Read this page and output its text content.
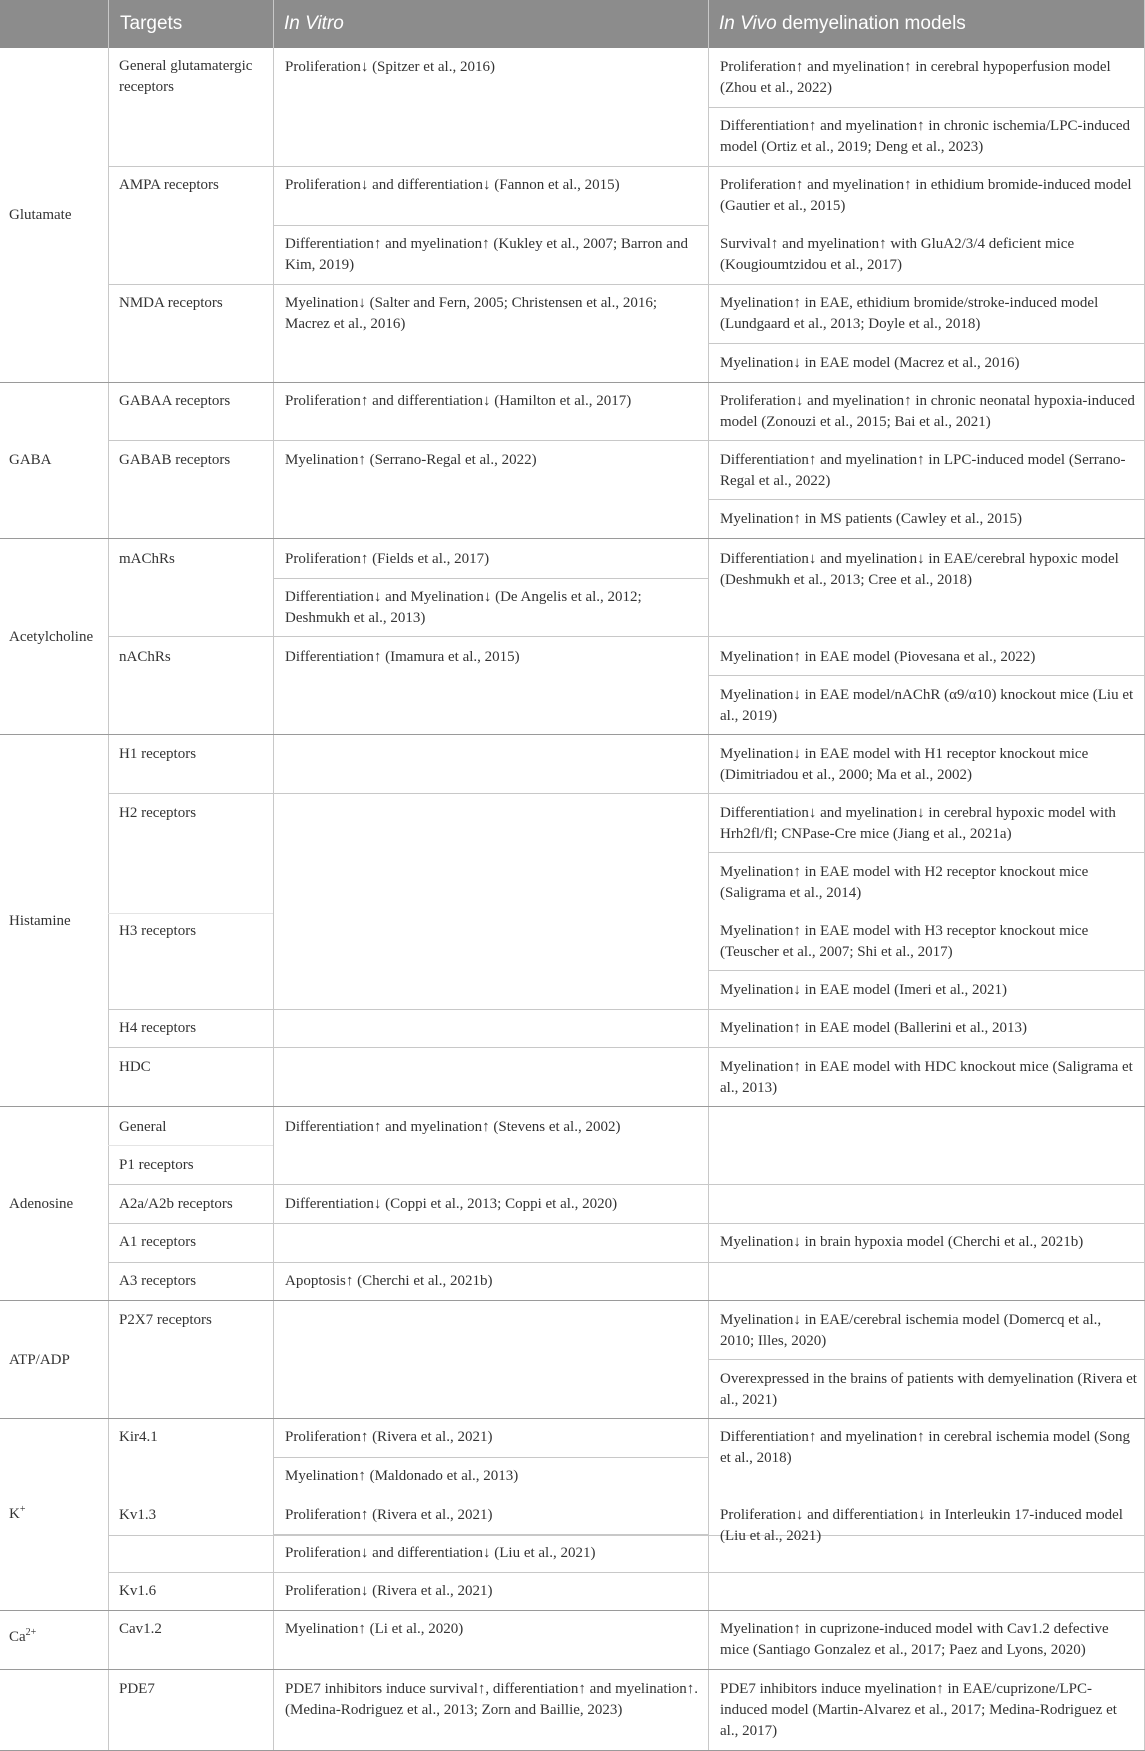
Targets	In Vitro	In Vivo demyelination models
Glutamate
GABA
Acetylcholine
Histamine
Adenosine
ATP/ADP
K+
$Ca^{2+}$
General glutamatergic receptors
AMPA receptors
NMDA receptors
GABAA receptors
GABAB receptors
mAChRs
nAChRs
H1 receptors
H2 receptors
H3 receptors
H4 receptors
HDC
General
P1 receptors
A2a/A2b receptors
A1 receptors
A3 receptors
P2X7 receptors
Kir4.1
Kv1.3
Kv1.6
Cav1.2
PDE7
Proliferation↓ (Spitzer et al., 2016)
Proliferation↓ and differentiation↓ (Fannon et al., 2015)
Differentiation↑ and myelination↑ (Kukley et al., 2007; Barron and Kim, 2019)
Myelination↓ (Salter and Fern, 2005; Christensen et al., 2016; Macrez et al., 2016)
Proliferation↑ and differentiation↓ (Hamilton et al., 2017)
Myelination↑ (Serrano-Regal et al., 2022)
Proliferation↑ (Fields et al., 2017)
Differentiation↓ and Myelination↓ (De Angelis et al., 2012; Deshmukh et al., 2013)
Differentiation↑ (Imamura et al., 2015)
Differentiation↑ and myelination↑ (Stevens et al., 2002)
Differentiation↓ (Coppi et al., 2013; Coppi et al., 2020)
Apoptosis↑ (Cherchi et al., 2021b)
Proliferation↑ (Rivera et al., 2021)
Myelination↑ (Maldonado et al., 2013)
Proliferation↑ (Rivera et al., 2021)
Proliferation↓ and differentiation↓ (Liu et al., 2021)
Proliferation↓ (Rivera et al., 2021)
Myelination↑ (Li et al., 2020)
PDE7 inhibitors induce survival↑, differentiation↑ and myelination↑. (Medina-Rodriguez et al., 2013; Zorn and Baillie, 2023)
Proliferation↑ and myelination↑ in cerebral hypoperfusion model (Zhou et al., 2022)
Differentiation↑ and myelination↑ in chronic ischemia/LPC-induced model (Ortiz et al., 2019; Deng et al., 2023)
Proliferation↑ and myelination↑ in ethidium bromide-induced model (Gautier et al., 2015)
Survival↑ and myelination↑ with GluA2/3/4 deficient mice (Kougioumtzidou et al., 2017)
Myelination↑ in EAE, ethidium bromide/stroke-induced model (Lundgaard et al., 2013; Doyle et al., 2018)
Myelination↓ in EAE model (Macrez et al., 2016)
Proliferation↓ and myelination↑ in chronic neonatal hypoxia-induced model (Zonouzi et al., 2015; Bai et al., 2021)
Differentiation↑ and myelination↑ in LPC-induced model (Serrano-Regal et al., 2022)
Myelination↑ in MS patients (Cawley et al., 2015)
Differentiation↓ and myelination↓ in EAE/cerebral hypoxic model (Deshmukh et al., 2013; Cree et al., 2018)
Myelination↑ in EAE model (Piovesana et al., 2022)
Myelination↓ in EAE model/nAChR (α9/α10) knockout mice (Liu et al., 2019)
Myelination↓ in EAE model with H1 receptor knockout mice (Dimitriadou et al., 2000; Ma et al., 2002)
Differentiation↓ and myelination↓ in cerebral hypoxic model with Hrh2fl/fl; CNPase-Cre mice (Jiang et al., 2021a)
Myelination↑ in EAE model with H2 receptor knockout mice (Saligrama et al., 2014)
Myelination↑ in EAE model with H3 receptor knockout mice (Teuscher et al., 2007; Shi et al., 2017)
Myelination↓ in EAE model (Imeri et al., 2021)
Myelination↑ in EAE model (Ballerini et al., 2013)
Myelination↑ in EAE model with HDC knockout mice (Saligrama et al., 2013)
Myelination↓ in brain hypoxia model (Cherchi et al., 2021b)
Myelination↓ in EAE/cerebral ischemia model (Domercq et al., 2010; Illes, 2020)
Overexpressed in the brains of patients with demyelination (Rivera et al., 2021)
Differentiation↑ and myelination↑ in cerebral ischemia model (Song et al., 2018)
Proliferation↓ and differentiation↓ in Interleukin 17-induced model (Liu et al., 2021)
Myelination↑ in cuprizone-induced model with Cav1.2 defective mice (Santiago Gonzalez et al., 2017; Paez and Lyons, 2020)
PDE7 inhibitors induce myelination↑ in EAE/cuprizone/LPC-induced model (Martin-Alvarez et al., 2017; Medina-Rodriguez et al., 2017)
